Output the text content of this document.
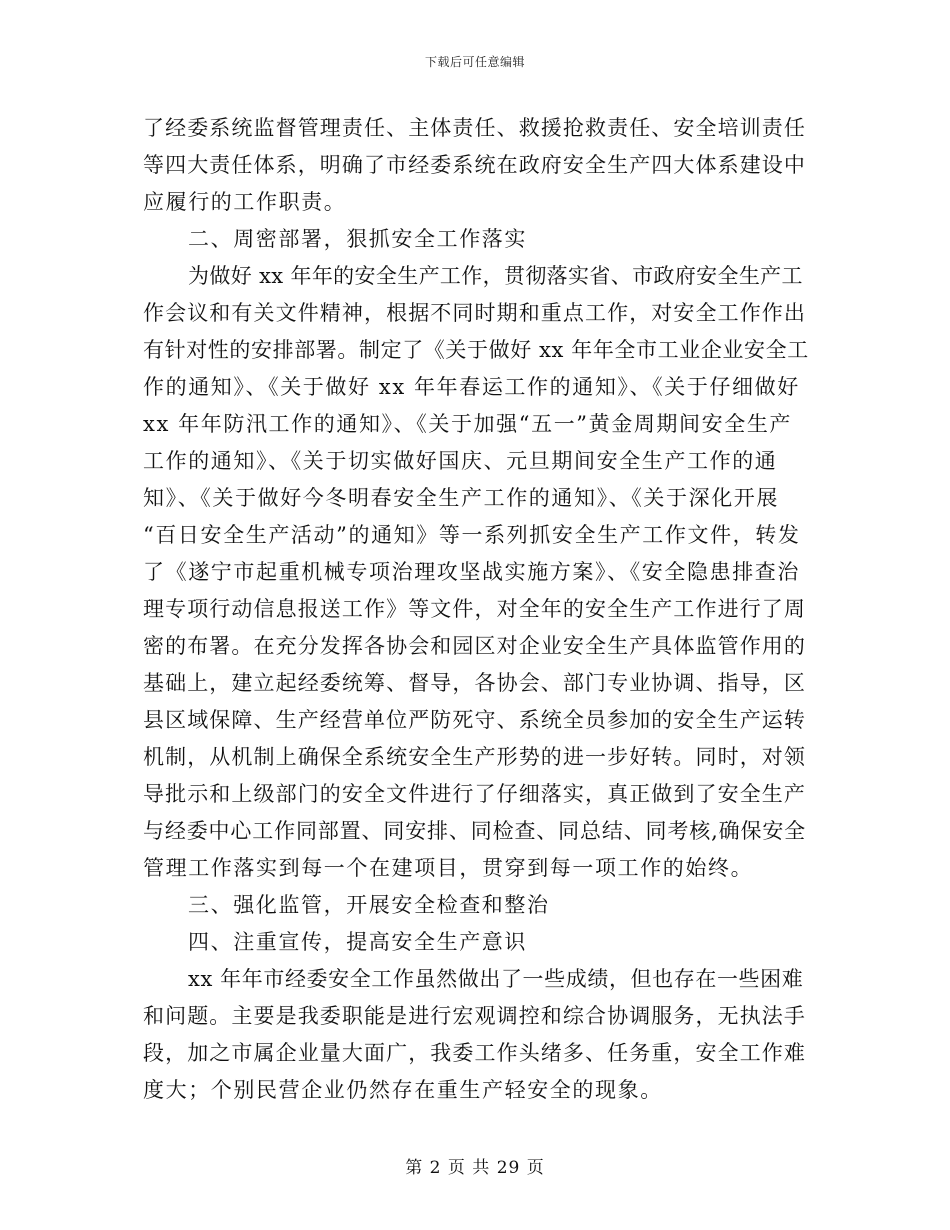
下载后可任意编辑
了经委系统监督管理责任、主体责任、救援抢救责任、安全培训责任
等四大责任体系，明确了市经委系统在政府安全生产四大体系建设中
应履行的工作职责。
二、周密部署，狠抓安全工作落实
为做好 xx 年年的安全生产工作，贯彻落实省、市政府安全生产工
作会议和有关文件精神，根据不同时期和重点工作，对安全工作作出
有针对性的安排部署。制定了《关于做好 xx 年年全市工业企业安全工
作的通知》、《关于做好 xx 年年春运工作的通知》、《关于仔细做好
xx 年年防汛工作的通知》、《关于加强“五一”黄金周期间安全生产
工作的通知》、《关于切实做好国庆、元旦期间安全生产工作的通
知》、《关于做好今冬明春安全生产工作的通知》、《关于深化开展
“百日安全生产活动”的通知》等一系列抓安全生产工作文件，转发
了《遂宁市起重机械专项治理攻坚战实施方案》、《安全隐患排查治
理专项行动信息报送工作》等文件，对全年的安全生产工作进行了周
密的布署。在充分发挥各协会和园区对企业安全生产具体监管作用的
基础上，建立起经委统筹、督导，各协会、部门专业协调、指导，区
县区域保障、生产经营单位严防死守、系统全员参加的安全生产运转
机制，从机制上确保全系统安全生产形势的进一步好转。同时，对领
导批示和上级部门的安全文件进行了仔细落实，真正做到了安全生产
与经委中心工作同部置、同安排、同检查、同总结、同考核,确保安全
管理工作落实到每一个在建项目，贯穿到每一项工作的始终。
三、强化监管，开展安全检查和整治
四、注重宣传，提高安全生产意识
xx 年年市经委安全工作虽然做出了一些成绩，但也存在一些困难
和问题。主要是我委职能是进行宏观调控和综合协调服务，无执法手
段，加之市属企业量大面广，我委工作头绪多、任务重，安全工作难
度大；个别民营企业仍然存在重生产轻安全的现象。
第 2 页 共 29 页
